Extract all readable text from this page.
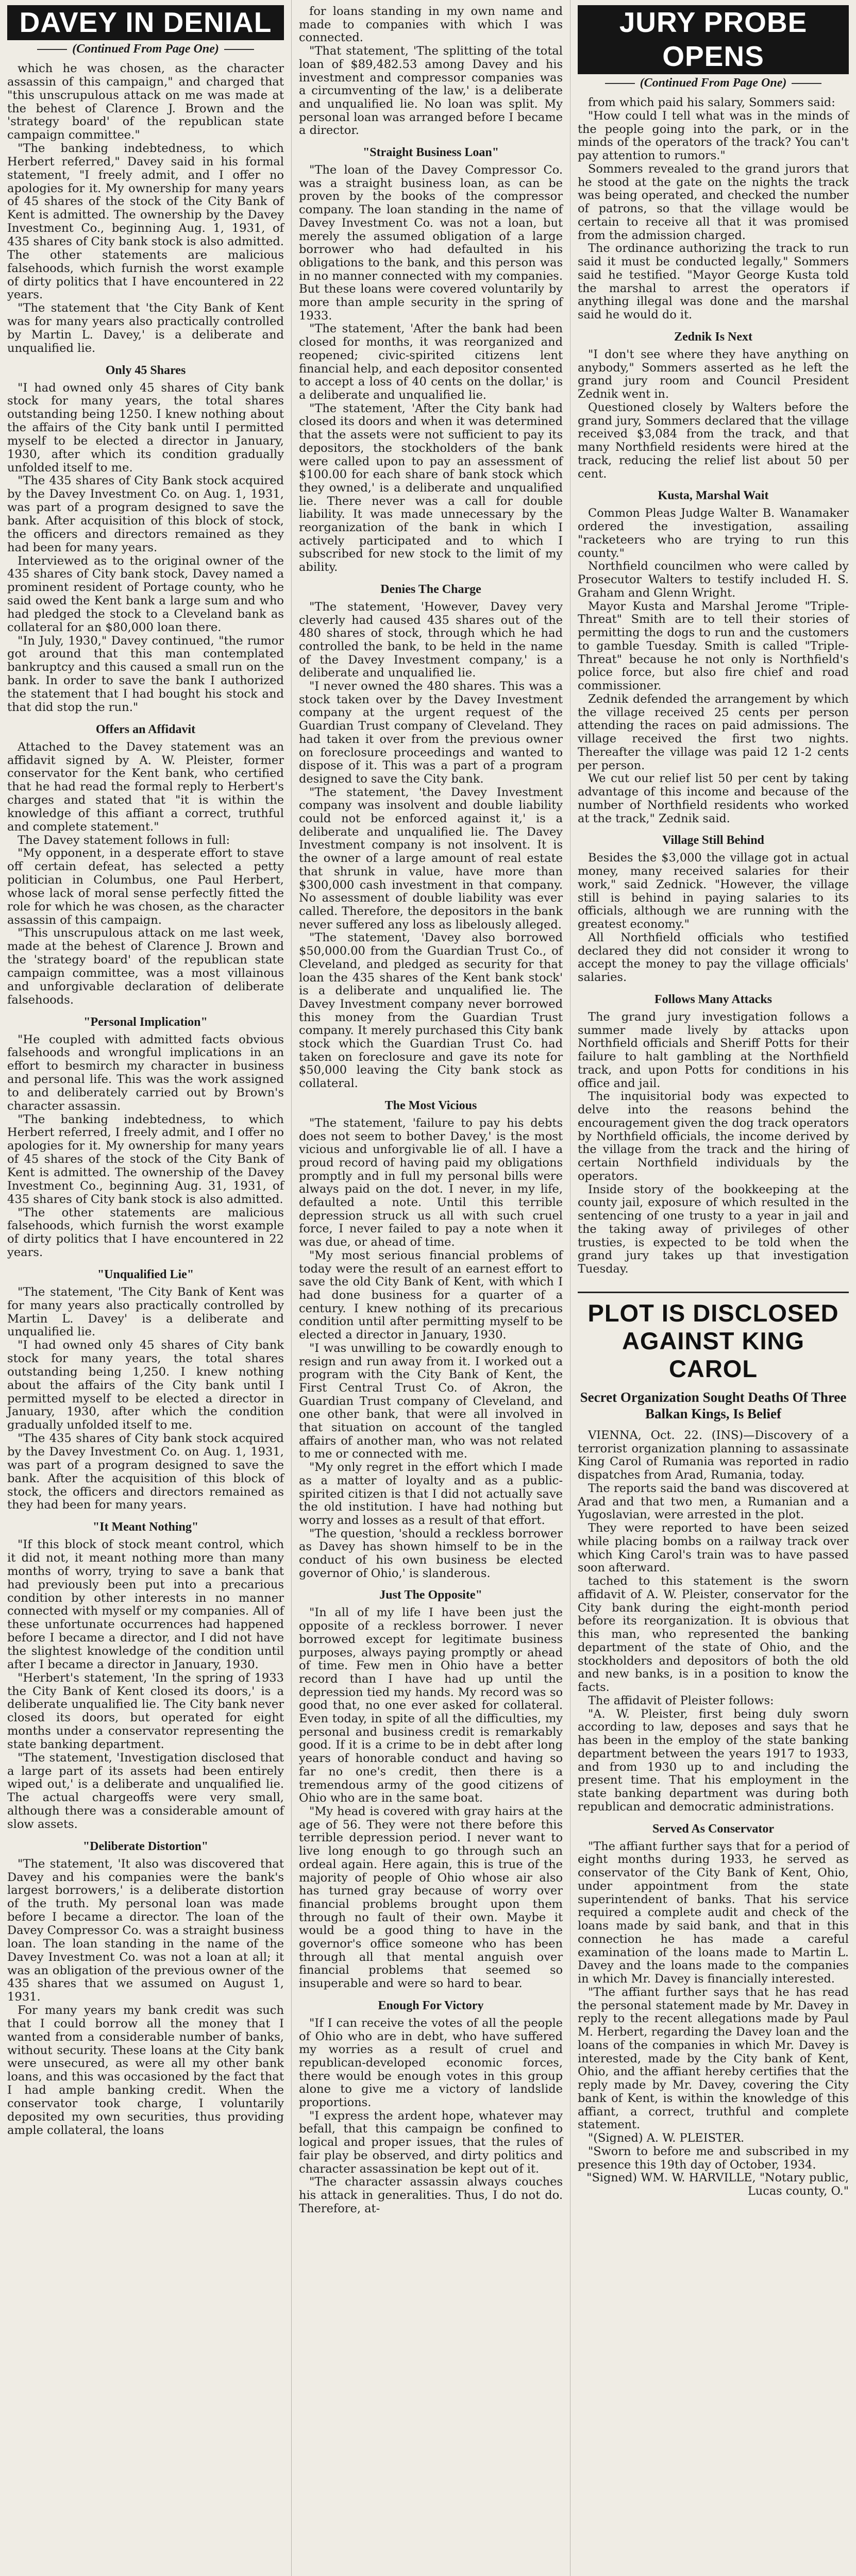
DAVEY IN DENIAL
(Continued From Page One)

which he was chosen, as the character assassin of this campaign," and charged that "this unscrupulous attack on me was made at the behest of Clarence J. Brown and the 'strategy board' of the republican state campaign committee."

"The banking indebtedness, to which Herbert referred," Davey said in his formal statement, "I freely admit, and I offer no apologies for it. My ownership for many years of 45 shares of the stock of the City Bank of Kent is admitted. The ownership by the Davey Investment Co., beginning Aug. 1, 1931, of 435 shares of City bank stock is also admitted. The other statements are malicious falsehoods, which furnish the worst example of dirty politics that I have encountered in 22 years.

"The statement that 'the City Bank of Kent was for many years also practically controlled by Martin L. Davey,' is a deliberate and unqualified lie.

Only 45 Shares

"I had owned only 45 shares of City bank stock for many years, the total shares outstanding being 1250. I knew nothing about the affairs of the City bank until I permitted myself to be elected a director in January, 1930, after which its condition gradually unfolded itself to me.

"The 435 shares of City Bank stock acquired by the Davey Investment Co. on Aug. 1, 1931, was part of a program designed to save the bank. After acquisition of this block of stock, the officers and directors remained as they had been for many years.

Interviewed as to the original owner of the 435 shares of City bank stock, Davey named a prominent resident of Portage county, who he said owed the Kent bank a large sum and who had pledged the stock to a Cleveland bank as collateral for an $80,000 loan there.

"In July, 1930," Davey continued, "the rumor got around that this man contemplated bankruptcy and this caused a small run on the bank. In order to save the bank I authorized the statement that I had bought his stock and that did stop the run."

Offers an Affidavit

Attached to the Davey statement was an affidavit signed by A. W. Pleister, former conservator for the Kent bank, who certified that he had read the formal reply to Herbert's charges and stated that "it is within the knowledge of this affiant a correct, truthful and complete statement."

The Davey statement follows in full:

"My opponent, in a desperate effort to stave off certain defeat, has selected a petty politician in Columbus, one Paul Herbert, whose lack of moral sense perfectly fitted the role for which he was chosen, as the character assassin of this campaign.

"This unscrupulous attack on me last week, made at the behest of Clarence J. Brown and the 'strategy board' of the republican state campaign committee, was a most villainous and unforgivable declaration of deliberate falsehoods.

"Personal Implication"

"He coupled with admitted facts obvious falsehoods and wrongful implications in an effort to besmirch my character in business and personal life. This was the work assigned to and deliberately carried out by Brown's character assassin.

"The banking indebtedness, to which Herbert referred, I freely admit, and I offer no apologies for it. My ownership for many years of 45 shares of the stock of the City Bank of Kent is admitted. The ownership of the Davey Investment Co., beginning Aug. 31, 1931, of 435 shares of City bank stock is also admitted.

"The other statements are malicious falsehoods, which furnish the worst example of dirty politics that I have encountered in 22 years.

"Unqualified Lie"

"The statement, 'The City Bank of Kent was for many years also practically controlled by Martin L. Davey' is a deliberate and unqualified lie.

"I had owned only 45 shares of City bank stock for many years, the total shares outstanding being 1,250. I knew nothing about the affairs of the City bank until I permitted myself to be elected a director in January, 1930, after which the condition gradually unfolded itself to me.

"The 435 shares of City bank stock acquired by the Davey Investment Co. on Aug. 1, 1931, was part of a program designed to save the bank. After the acquisition of this block of stock, the officers and directors remained as they had been for many years.

"It Meant Nothing"

"If this block of stock meant control, which it did not, it meant nothing more than many months of worry, trying to save a bank that had previously been put into a precarious condition by other interests in no manner connected with myself or my companies. All of these unfortunate occurrences had happened before I became a director, and I did not have the slightest knowledge of the condition until after I became a director in January, 1930.

"Herbert's statement, 'In the spring of 1933 the City Bank of Kent closed its doors,' is a deliberate unqualified lie. The City bank never closed its doors, but operated for eight months under a conservator representing the state banking department.

"The statement, 'Investigation disclosed that a large part of its assets had been entirely wiped out,' is a deliberate and unqualified lie. The actual chargeoffs were very small, although there was a considerable amount of slow assets.

"Deliberate Distortion"

"The statement, 'It also was discovered that Davey and his companies were the bank's largest borrowers,' is a deliberate distortion of the truth. My personal loan was made before I became a director. The loan of the Davey Compressor Co. was a straight business loan. The loan standing in the name of the Davey Investment Co. was not a loan at all; it was an obligation of the previous owner of the 435 shares that we assumed on August 1, 1931.

For many years my bank credit was such that I could borrow all the money that I wanted from a considerable number of banks, without security. These loans at the City bank were unsecured, as were all my other bank loans, and this was occasioned by the fact that I had ample banking credit. When the conservator took charge, I voluntarily deposited my own securities, thus providing ample collateral, the loans

for loans standing in my own name and made to companies with which I was connected.

"That statement, 'The splitting of the total loan of $89,482.53 among Davey and his investment and compressor companies was a circumventing of the law,' is a deliberate and unqualified lie. No loan was split. My personal loan was arranged before I became a director.

"Straight Business Loan"

"The loan of the Davey Compressor Co. was a straight business loan, as can be proven by the books of the compressor company. The loan standing in the name of Davey Investment Co. was not a loan, but merely the assumed obligation of a large borrower who had defaulted in his obligations to the bank, and this person was in no manner connected with my companies. But these loans were covered voluntarily by more than ample security in the spring of 1933.

"The statement, 'After the bank had been closed for months, it was reorganized and reopened; civic-spirited citizens lent financial help, and each depositor consented to accept a loss of 40 cents on the dollar,' is a deliberate and unqualified lie.

"The statement, 'After the City bank had closed its doors and when it was determined that the assets were not sufficient to pay its depositors, the stockholders of the bank were called upon to pay an assessment of $100.00 for each share of bank stock which they owned,' is a deliberate and unqualified lie. There never was a call for double liability. It was made unnecessary by the reorganization of the bank in which I actively participated and to which I subscribed for new stock to the limit of my ability.

Denies The Charge

"The statement, 'However, Davey very cleverly had caused 435 shares out of the 480 shares of stock, through which he had controlled the bank, to be held in the name of the Davey Investment company,' is a deliberate and unqualified lie.

"I never owned the 480 shares. This was a stock taken over by the Davey Investment company at the urgent request of the Guardian Trust company of Cleveland. They had taken it over from the previous owner on foreclosure proceedings and wanted to dispose of it. This was a part of a program designed to save the City bank.

"The statement, 'the Davey Investment company was insolvent and double liability could not be enforced against it,' is a deliberate and unqualified lie. The Davey Investment company is not insolvent. It is the owner of a large amount of real estate that shrunk in value, have more than $300,000 cash investment in that company. No assessment of double liability was ever called. Therefore, the depositors in the bank never suffered any loss as libelously alleged.

"The statement, 'Davey also borrowed $50,000.00 from the Guardian Trust Co., of Cleveland, and pledged as security for that loan the 435 shares of the Kent bank stock' is a deliberate and unqualified lie. The Davey Investment company never borrowed this money from the Guardian Trust company. It merely purchased this City bank stock which the Guardian Trust Co. had taken on foreclosure and gave its note for $50,000 leaving the City bank stock as collateral.

The Most Vicious

"The statement, 'failure to pay his debts does not seem to bother Davey,' is the most vicious and unforgivable lie of all. I have a proud record of having paid my obligations promptly and in full my personal bills were always paid on the dot. I never, in my life, defaulted a note. Until this terrible depression struck us all with such cruel force, I never failed to pay a note when it was due, or ahead of time.

"My most serious financial problems of today were the result of an earnest effort to save the old City Bank of Kent, with which I had done business for a quarter of a century. I knew nothing of its precarious condition until after permitting myself to be elected a director in January, 1930.

"I was unwilling to be cowardly enough to resign and run away from it. I worked out a program with the City Bank of Kent, the First Central Trust Co. of Akron, the Guardian Trust company of Cleveland, and one other bank, that were all involved in that situation on account of the tangled affairs of another man, who was not related to me or connected with me.

"My only regret in the effort which I made as a matter of loyalty and as a public-spirited citizen is that I did not actually save the old institution. I have had nothing but worry and losses as a result of that effort.

"The question, 'should a reckless borrower as Davey has shown himself to be in the conduct of his own business be elected governor of Ohio,' is slanderous.

Just The Opposite"

"In all of my life I have been just the opposite of a reckless borrower. I never borrowed except for legitimate business purposes, always paying promptly or ahead of time. Few men in Ohio have a better record than I have had up until the depression tied my hands. My record was so good that, no one ever asked for collateral. Even today, in spite of all the difficulties, my personal and business credit is remarkably good. If it is a crime to be in debt after long years of honorable conduct and having so far no one's credit, then there is a tremendous army of the good citizens of Ohio who are in the same boat.

"My head is covered with gray hairs at the age of 56. They were not there before this terrible depression period. I never want to live long enough to go through such an ordeal again. Here again, this is true of the majority of people of Ohio whose air also has turned gray because of worry over financial problems brought upon them through no fault of their own. Maybe it would be a good thing to have in the governor's office someone who has been through all that mental anguish over financial problems that seemed so insuperable and were so hard to bear.

Enough For Victory

"If I can receive the votes of all the people of Ohio who are in debt, who have suffered my worries as a result of cruel and republican-developed economic forces, there would be enough votes in this group alone to give me a victory of landslide proportions.

"I express the ardent hope, whatever may befall, that this campaign be confined to logical and proper issues, that the rules of fair play be observed, and dirty politics and character assassination be kept out of it.

"The character assassin always couches his attack in generalities. Thus, I do not do. Therefore, at-

JURY PROBE OPENS
(Continued From Page One)

from which paid his salary, Sommers said:

"How could I tell what was in the minds of the people going into the park, or in the minds of the operators of the track? You can't pay attention to rumors."

Sommers revealed to the grand jurors that he stood at the gate on the nights the track was being operated, and checked the number of patrons, so that the village would be certain to receive all that it was promised from the admission charged.

The ordinance authorizing the track to run said it must be conducted legally," Sommers said he testified. "Mayor George Kusta told the marshal to arrest the operators if anything illegal was done and the marshal said he would do it.

Zednik Is Next

"I don't see where they have anything on anybody," Sommers asserted as he left the grand jury room and Council President Zednik went in.

Questioned closely by Walters before the grand jury, Sommers declared that the village received $3,084 from the track, and that many Northfield residents were hired at the track, reducing the relief list about 50 per cent.

Kusta, Marshal Wait

Common Pleas Judge Walter B. Wanamaker ordered the investigation, assailing "racketeers who are trying to run this county."

Northfield councilmen who were called by Prosecutor Walters to testify included H. S. Graham and Glenn Wright.

Mayor Kusta and Marshal Jerome "Triple-Threat" Smith are to tell their stories of permitting the dogs to run and the customers to gamble Tuesday. Smith is called "Triple-Threat" because he not only is Northfield's police force, but also fire chief and road commissioner.

Zednik defended the arrangement by which the village received 25 cents per person attending the races on paid admissions. The village received the first two nights. Thereafter the village was paid 12 1-2 cents per person.

We cut our relief list 50 per cent by taking advantage of this income and because of the number of Northfield residents who worked at the track," Zednik said.

Village Still Behind

Besides the $3,000 the village got in actual money, many received salaries for their work," said Zednick. "However, the village still is behind in paying salaries to its officials, although we are running with the greatest economy."

All Northfield officials who testified declared they did not consider it wrong to accept the money to pay the village officials' salaries.

Follows Many Attacks

The grand jury investigation follows a summer made lively by attacks upon Northfield officials and Sheriff Potts for their failure to halt gambling at the Northfield track, and upon Potts for conditions in his office and jail.

The inquisitorial body was expected to delve into the reasons behind the encouragement given the dog track operators by Northfield officials, the income derived by the village from the track and the hiring of certain Northfield individuals by the operators.

Inside story of the bookkeeping at the county jail, exposure of which resulted in the sentencing of one trusty to a year in jail and the taking away of privileges of other trusties, is expected to be told when the grand jury takes up that investigation Tuesday.

PLOT IS DISCLOSED AGAINST KING CAROL
Secret Organization Sought Deaths Of Three Balkan Kings, Is Belief

VIENNA, Oct. 22. (INS)—Discovery of a terrorist organization planning to assassinate King Carol of Rumania was reported in radio dispatches from Arad, Rumania, today.

The reports said the band was discovered at Arad and that two men, a Rumanian and a Yugoslavian, were arrested in the plot.

They were reported to have been seized while placing bombs on a railway track over which King Carol's train was to have passed soon afterward.

tached to this statement is the sworn affidavit of A. W. Pleister, conservator for the City bank during the eight-month period before its reorganization. It is obvious that this man, who represented the banking department of the state of Ohio, and the stockholders and depositors of both the old and new banks, is in a position to know the facts.

The affidavit of Pleister follows:

"A. W. Pleister, first being duly sworn according to law, deposes and says that he has been in the employ of the state banking department between the years 1917 to 1933, and from 1930 up to and including the present time. That his employment in the state banking department was during both republican and democratic administrations.

Served As Conservator

"The affiant further says that for a period of eight months during 1933, he served as conservator of the City Bank of Kent, Ohio, under appointment from the state superintendent of banks. That his service required a complete audit and check of the loans made by said bank, and that in this connection he has made a careful examination of the loans made to Martin L. Davey and the loans made to the companies in which Mr. Davey is financially interested.

"The affiant further says that he has read the personal statement made by Mr. Davey in reply to the recent allegations made by Paul M. Herbert, regarding the Davey loan and the loans of the companies in which Mr. Davey is interested, made by the City bank of Kent, Ohio, and the affiant hereby certifies that the reply made by Mr. Davey, covering the City bank of Kent, is within the knowledge of this affiant, a correct, truthful and complete statement.

"(Signed) A. W. PLEISTER.

"Sworn to before me and subscribed in my presence this 19th day of October, 1934.

"Signed) WM. W. HARVILLE, "Notary public, Lucas county, O."
